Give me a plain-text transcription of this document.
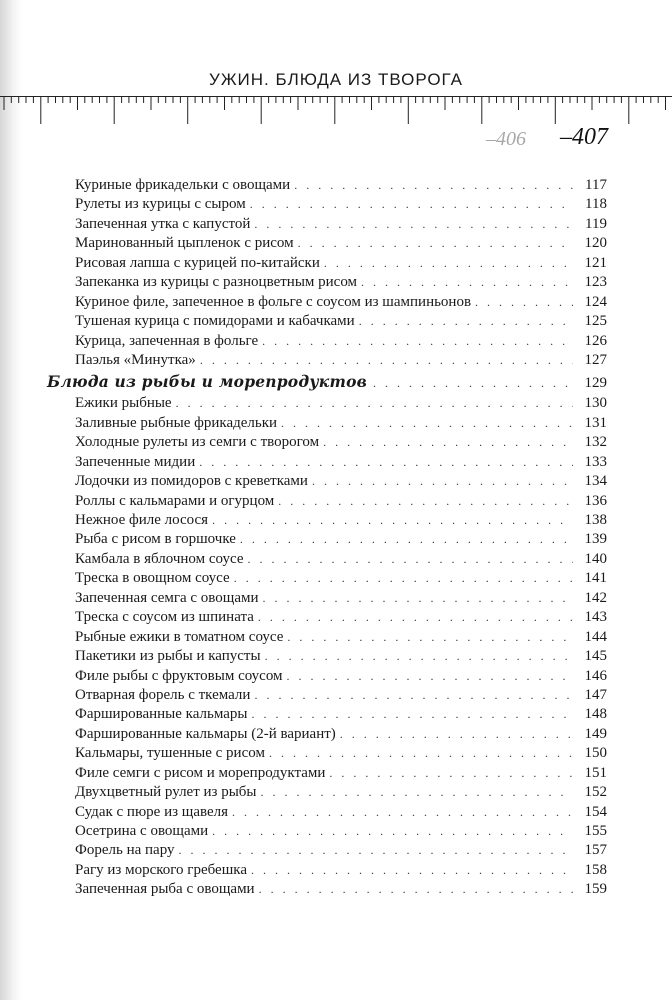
УЖИН. БЛЮДА ИЗ ТВОРОГА
–406 –407
Куриные фрикадельки с овощами . . .	117
Рулеты из курицы с сыром . . .	118
Запеченная утка с капустой . . .	119
Маринованный цыпленок с рисом . . .	120
Рисовая лапша с курицей по-китайски . . .	121
Запеканка из курицы с разноцветным рисом . . .	123
Куриное филе, запеченное в фольге с соусом из шампиньонов . . .	124
Тушеная курица с помидорами и кабачками . . .	125
Курица, запеченная в фольге . . .	126
Паэлья «Минутка» . . .	127
Блюда из рыбы и морепродуктов . . .	129
Ежики рыбные . . .	130
Заливные рыбные фрикадельки . . .	131
Холодные рулеты из семги с творогом . . .	132
Запеченные мидии . . .	133
Лодочки из помидоров с креветками . . .	134
Роллы с кальмарами и огурцом . . .	136
Нежное филе лосося . . .	138
Рыба с рисом в горшочке . . .	139
Камбала в яблочном соусе . . .	140
Треска в овощном соусе . . .	141
Запеченная семга с овощами . . .	142
Треска с соусом из шпината . . .	143
Рыбные ежики в томатном соусе . . .	144
Пакетики из рыбы и капусты . . .	145
Филе рыбы с фруктовым соусом . . .	146
Отварная форель с ткемали . . .	147
Фаршированные кальмары . . .	148
Фаршированные кальмары (2-й вариант) . . .	149
Кальмары, тушенные с рисом . . .	150
Филе семги с рисом и морепродуктами . . .	151
Двухцветный рулет из рыбы . . .	152
Судак с пюре из щавеля . . .	154
Осетрина с овощами . . .	155
Форель на пару . . .	157
Рагу из морского гребешка . . .	158
Запеченная рыба с овощами . . .	159
